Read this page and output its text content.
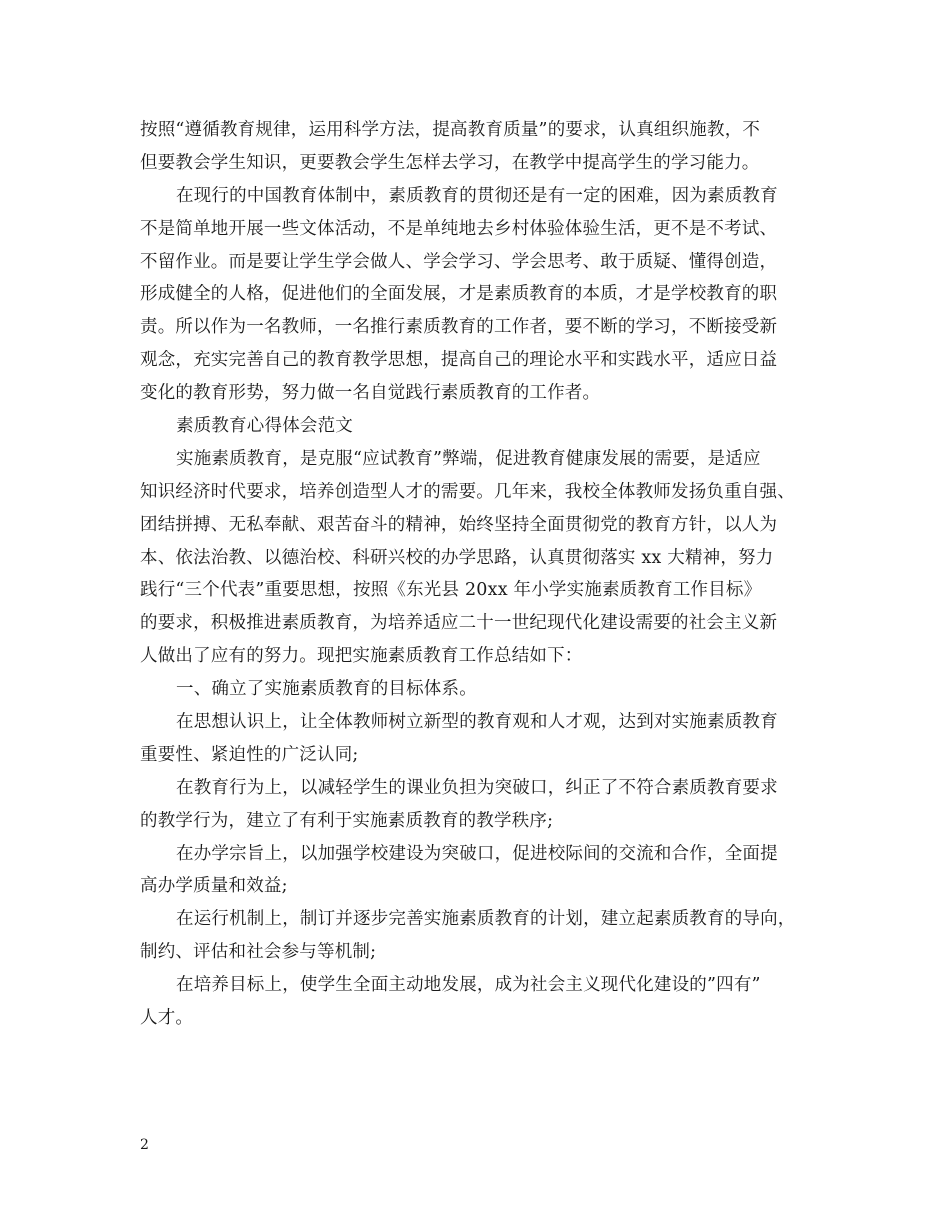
按照“遵循教育规律，运用科学方法，提高教育质量”的要求，认真组织施教，不
但要教会学生知识，更要教会学生怎样去学习，在教学中提高学生的学习能力。
在现行的中国教育体制中，素质教育的贯彻还是有一定的困难，因为素质教育
不是简单地开展一些文体活动，不是单纯地去乡村体验体验生活，更不是不考试、
不留作业。而是要让学生学会做人、学会学习、学会思考、敢于质疑、懂得创造，
形成健全的人格，促进他们的全面发展，才是素质教育的本质，才是学校教育的职
责。所以作为一名教师，一名推行素质教育的工作者，要不断的学习，不断接受新
观念，充实完善自己的教育教学思想，提高自己的理论水平和实践水平，适应日益
变化的教育形势，努力做一名自觉践行素质教育的工作者。
素质教育心得体会范文
实施素质教育，是克服“应试教育”弊端，促进教育健康发展的需要，是适应
知识经济时代要求，培养创造型人才的需要。几年来，我校全体教师发扬负重自强、
团结拼搏、无私奉献、艰苦奋斗的精神，始终坚持全面贯彻党的教育方针，以人为
本、依法治教、以德治校、科研兴校的办学思路，认真贯彻落实 xx 大精神，努力
践行“三个代表”重要思想，按照《东光县 20xx 年小学实施素质教育工作目标》
的要求，积极推进素质教育，为培养适应二十一世纪现代化建设需要的社会主义新
人做出了应有的努力。现把实施素质教育工作总结如下：
一、确立了实施素质教育的目标体系。
在思想认识上，让全体教师树立新型的教育观和人才观，达到对实施素质教育
重要性、紧迫性的广泛认同;
在教育行为上，以减轻学生的课业负担为突破口，纠正了不符合素质教育要求
的教学行为，建立了有利于实施素质教育的教学秩序;
在办学宗旨上，以加强学校建设为突破口，促进校际间的交流和合作，全面提
高办学质量和效益;
在运行机制上，制订并逐步完善实施素质教育的计划，建立起素质教育的导向，
制约、评估和社会参与等机制;
在培养目标上，使学生全面主动地发展，成为社会主义现代化建设的”四有”
人才。
2
